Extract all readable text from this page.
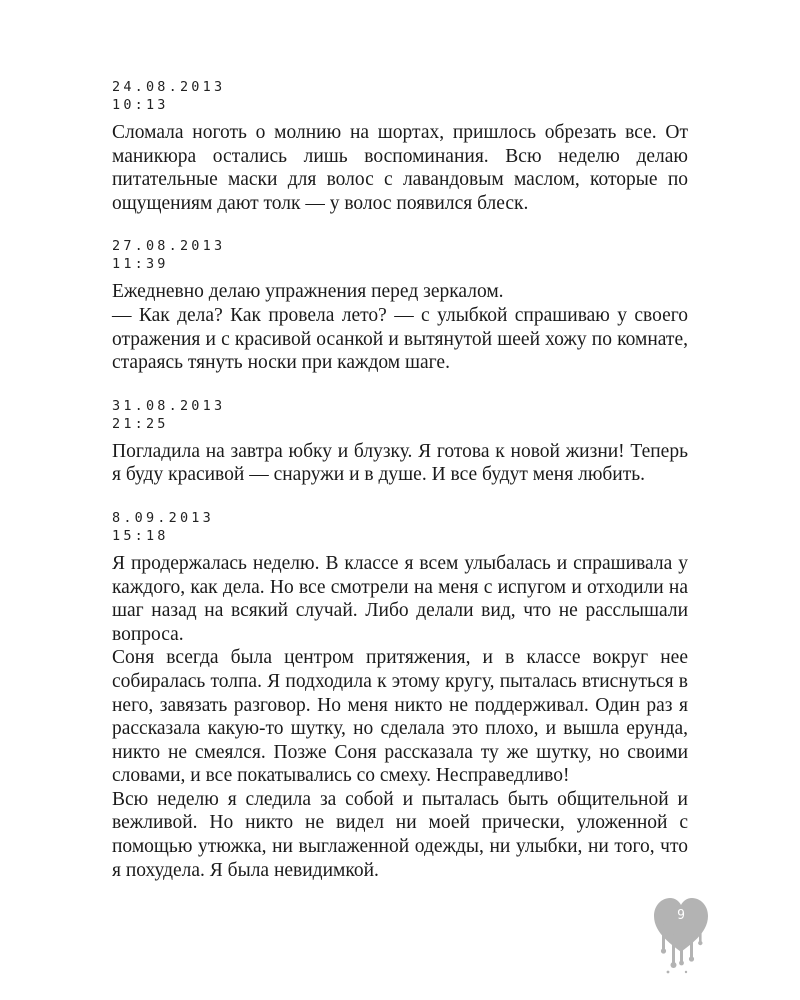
24.08.2013
10:13

Сломала ноготь о молнию на шортах, пришлось обрезать все. От маникюра остались лишь воспоминания. Всю неделю делаю питательные маски для волос с лавандовым маслом, которые по ощущениям дают толк — у волос появился блеск.

27.08.2013
11:39

Ежедневно делаю упражнения перед зеркалом.

— Как дела? Как провела лето? — с улыбкой спрашиваю у своего отражения и с красивой осанкой и вытянутой шеей хожу по комнате, стараясь тянуть носки при каждом шаге.

31.08.2013
21:25

Погладила на завтра юбку и блузку. Я готова к новой жизни! Теперь я буду красивой — снаружи и в душе. И все будут меня любить.

8.09.2013
15:18

Я продержалась неделю. В классе я всем улыбалась и спрашивала у каждого, как дела. Но все смотрели на меня с испугом и отходили на шаг назад на всякий случай. Либо делали вид, что не расслышали вопроса.

Соня всегда была центром притяжения, и в классе вокруг нее собиралась толпа. Я подходила к этому кругу, пыталась втиснуться в него, завязать разговор. Но меня никто не поддерживал. Один раз я рассказала какую-то шутку, но сделала это плохо, и вышла ерунда, никто не смеялся. Позже Соня рассказала ту же шутку, но своими словами, и все покатывались со смеху. Несправедливо!

Всю неделю я следила за собой и пыталась быть общительной и вежливой. Но никто не видел ни моей прически, уложенной с помощью утюжка, ни выглаженной одежды, ни улыбки, ни того, что я похудела. Я была невидимкой.

9
